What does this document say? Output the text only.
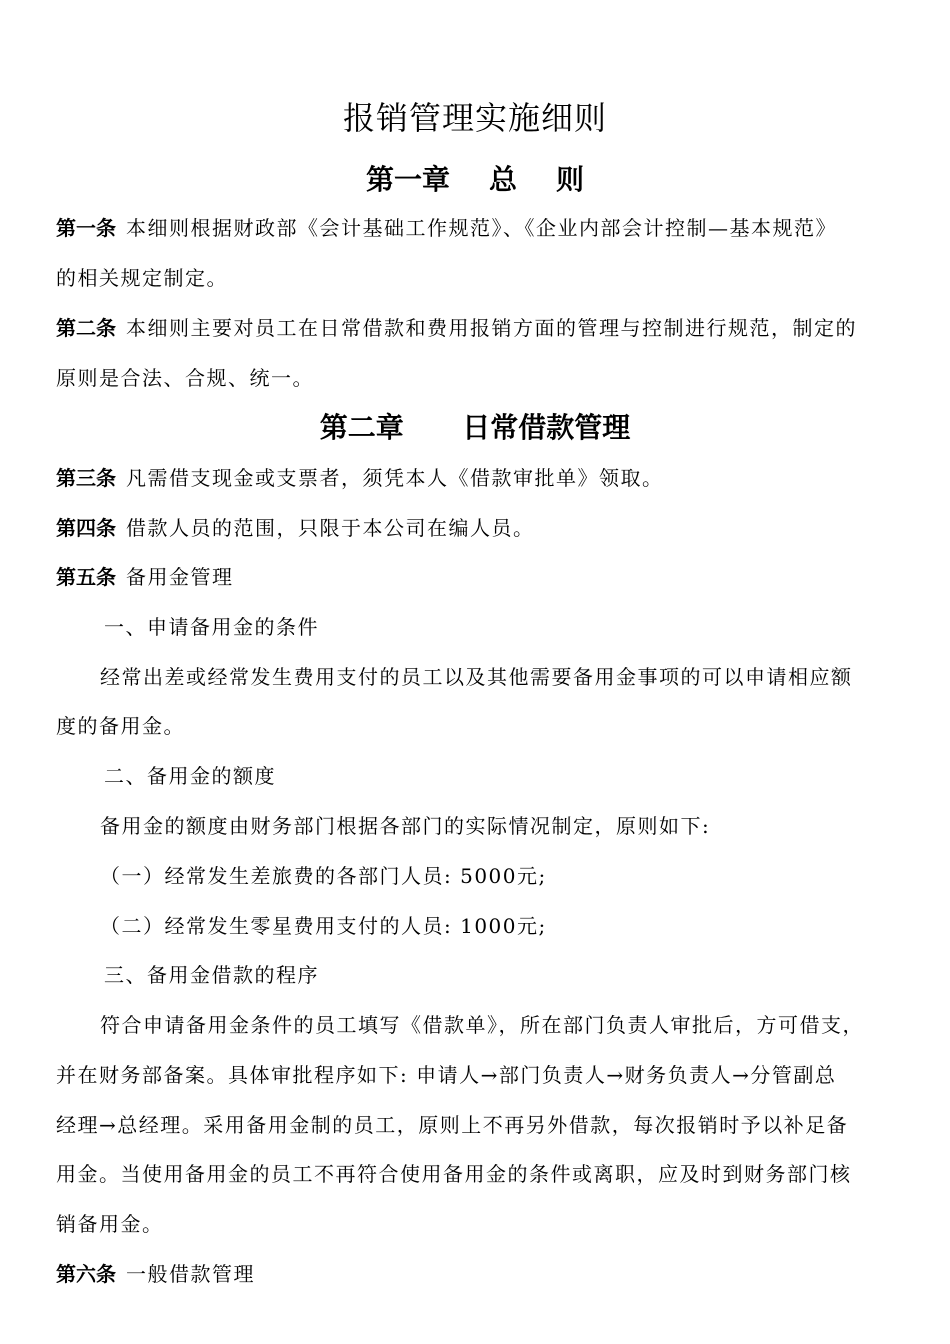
报销管理实施细则
第一章    总    则
第一条 本细则根据财政部《会计基础工作规范》、《企业内部会计控制—基本规范》
的相关规定制定。
第二条 本细则主要对员工在日常借款和费用报销方面的管理与控制进行规范，制定的
原则是合法、合规、统一。
第二章      日常借款管理
第三条 凡需借支现金或支票者，须凭本人《借款审批单》领取。
第四条 借款人员的范围，只限于本公司在编人员。
第五条 备用金管理
一、申请备用金的条件
经常出差或经常发生费用支付的员工以及其他需要备用金事项的可以申请相应额
度的备用金。
二、备用金的额度
备用金的额度由财务部门根据各部门的实际情况制定，原则如下:
（一）经常发生差旅费的各部门人员: 5000元;
（二）经常发生零星费用支付的人员: 1000元;
三、备用金借款的程序
符合申请备用金条件的员工填写《借款单》，所在部门负责人审批后，方可借支，
并在财务部备案。具体审批程序如下: 申请人→部门负责人→财务负责人→分管副总
经理→总经理。采用备用金制的员工，原则上不再另外借款，每次报销时予以补足备
用金。当使用备用金的员工不再符合使用备用金的条件或离职，应及时到财务部门核
销备用金。
第六条 一般借款管理
